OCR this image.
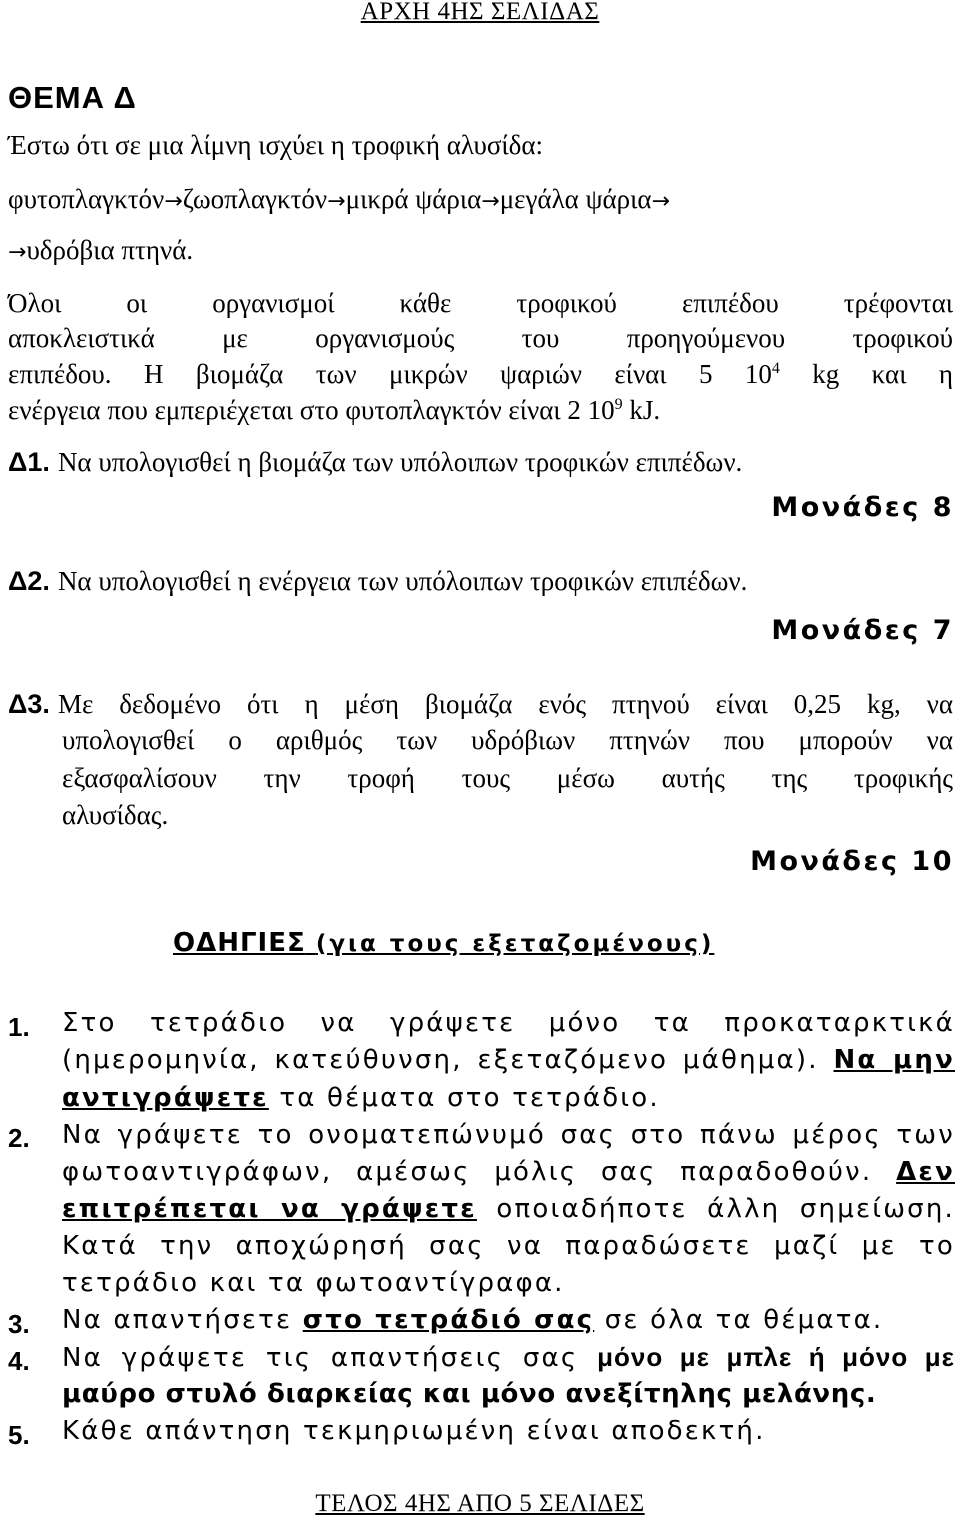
ΑΡΧΗ 4ΗΣ ΣΕΛΙΔΑΣ
ΘΕΜΑ Δ
Έστω ότι σε μια λίμνη ισχύει η τροφική αλυσίδα:
φυτοπλαγκτόν→ζωοπλαγκτόν→μικρά ψάρια→μεγάλα ψάρια→
→υδρόβια πτηνά.
Όλοι οι οργανισμοί κάθε τροφικού επιπέδου τρέφονται
αποκλειστικά με οργανισμούς του προηγούμενου τροφικού
επιπέδου. Η βιομάζα των μικρών ψαριών είναι 5 $10^4$ kg και η
ενέργεια που εμπεριέχεται στο φυτοπλαγκτόν είναι 2 $10^9$ kJ.
Δ1. Να υπολογισθεί η βιομάζα των υπόλοιπων τροφικών επιπέδων.
Μονάδες 8
Δ2. Να υπολογισθεί η ενέργεια των υπόλοιπων τροφικών επιπέδων.
Μονάδες 7
Δ3. Με δεδομένο ότι η μέση βιομάζα ενός πτηνού είναι 0,25 kg, να
υπολογισθεί ο αριθμός των υδρόβιων πτηνών που μπορούν να
εξασφαλίσουν την τροφή τους μέσω αυτής της τροφικής
αλυσίδας.
Μονάδες 10
ΟΔΗΓΙΕΣ (για τους εξεταζομένους)
1. Στο τετράδιο να γράψετε μόνο τα προκαταρκτικά
(ημερομηνία, κατεύθυνση, εξεταζόμενο μάθημα). Να μην
αντιγράψετε τα θέματα στο τετράδιο.
2. Να γράψετε το ονοματεπώνυμό σας στο πάνω μέρος των
φωτοαντιγράφων, αμέσως μόλις σας παραδοθούν. Δεν
επιτρέπεται να γράψετε οποιαδήποτε άλλη σημείωση.
Κατά την αποχώρησή σας να παραδώσετε μαζί με το
τετράδιο και τα φωτοαντίγραφα.
3. Να απαντήσετε στο τετράδιό σας σε όλα τα θέματα.
4. Να γράψετε τις απαντήσεις σας μόνο με μπλε ή μόνο με
μαύρο στυλό διαρκείας και μόνο ανεξίτηλης μελάνης.
5. Κάθε απάντηση τεκμηριωμένη είναι αποδεκτή.
ΤΕΛΟΣ 4ΗΣ ΑΠΟ 5 ΣΕΛΙΔΕΣ
